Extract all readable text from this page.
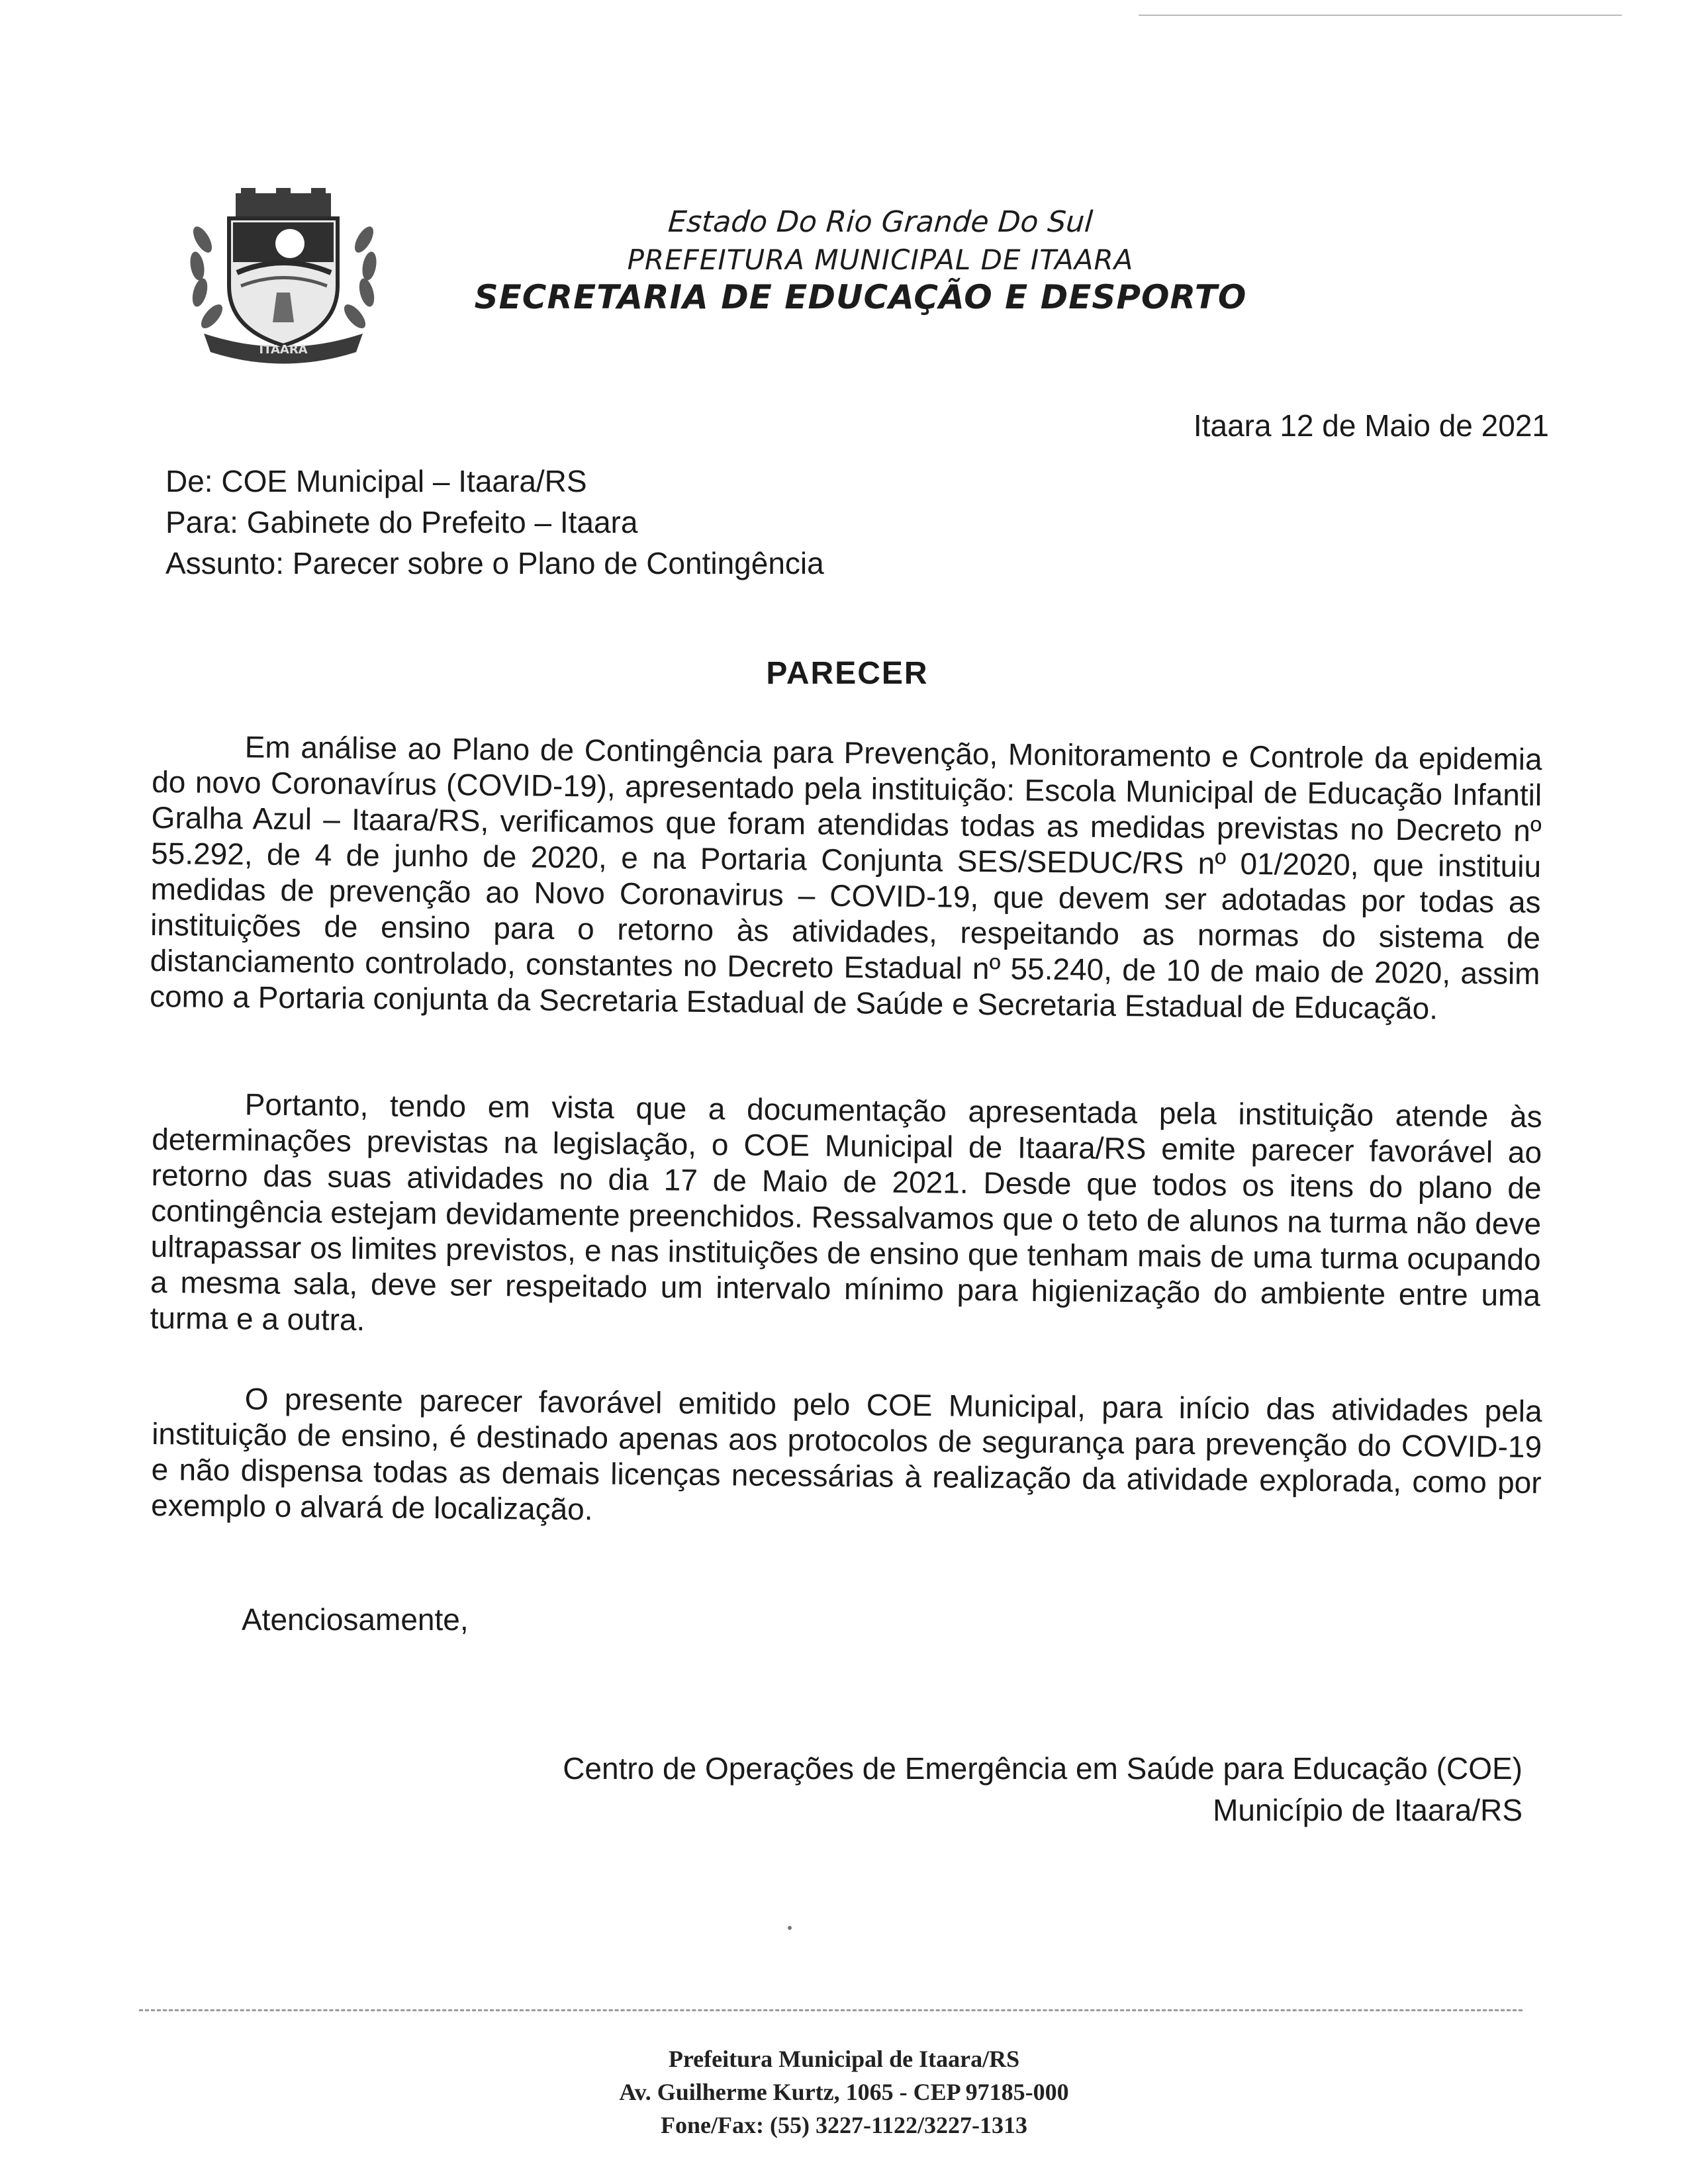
ITAARA
Estado Do Rio Grande Do Sul
PREFEITURA MUNICIPAL DE ITAARA
SECRETARIA DE EDUCAÇÃO E DESPORTO
Itaara 12 de Maio de 2021
De: COE Municipal – Itaara/RS
Para: Gabinete do Prefeito – Itaara
Assunto: Parecer sobre o Plano de Contingência
PARECER
Em análise ao Plano de Contingência para Prevenção, Monitoramento e Controle da epidemia do novo Coronavírus (COVID-19), apresentado pela instituição: Escola Municipal de Educação Infantil Gralha Azul – Itaara/RS, verificamos que foram atendidas todas as medidas previstas no Decreto nº 55.292, de 4 de junho de 2020, e na Portaria Conjunta SES/SEDUC/RS nº 01/2020, que instituiu medidas de prevenção ao Novo Coronavirus – COVID-19, que devem ser adotadas por todas as instituições de ensino para o retorno às atividades, respeitando as normas do sistema de distanciamento controlado, constantes no Decreto Estadual nº 55.240, de 10 de maio de 2020, assim como a Portaria conjunta da Secretaria Estadual de Saúde e Secretaria Estadual de Educação.
Portanto, tendo em vista que a documentação apresentada pela instituição atende às determinações previstas na legislação, o COE Municipal de Itaara/RS emite parecer favorável ao retorno das suas atividades no dia 17 de Maio de 2021. Desde que todos os itens do plano de contingência estejam devidamente preenchidos. Ressalvamos que o teto de alunos na turma não deve ultrapassar os limites previstos, e nas instituições de ensino que tenham mais de uma turma ocupando a mesma sala, deve ser respeitado um intervalo mínimo para higienização do ambiente entre uma turma e a outra.
O presente parecer favorável emitido pelo COE Municipal, para início das atividades pela instituição de ensino, é destinado apenas aos protocolos de segurança para prevenção do COVID-19 e não dispensa todas as demais licenças necessárias à realização da atividade explorada, como por exemplo o alvará de localização.
Atenciosamente,
Centro de Operações de Emergência em Saúde para Educação (COE)
Município de Itaara/RS
Prefeitura Municipal de Itaara/RS
Av. Guilherme Kurtz, 1065 - CEP 97185-000
Fone/Fax: (55) 3227-1122/3227-1313
